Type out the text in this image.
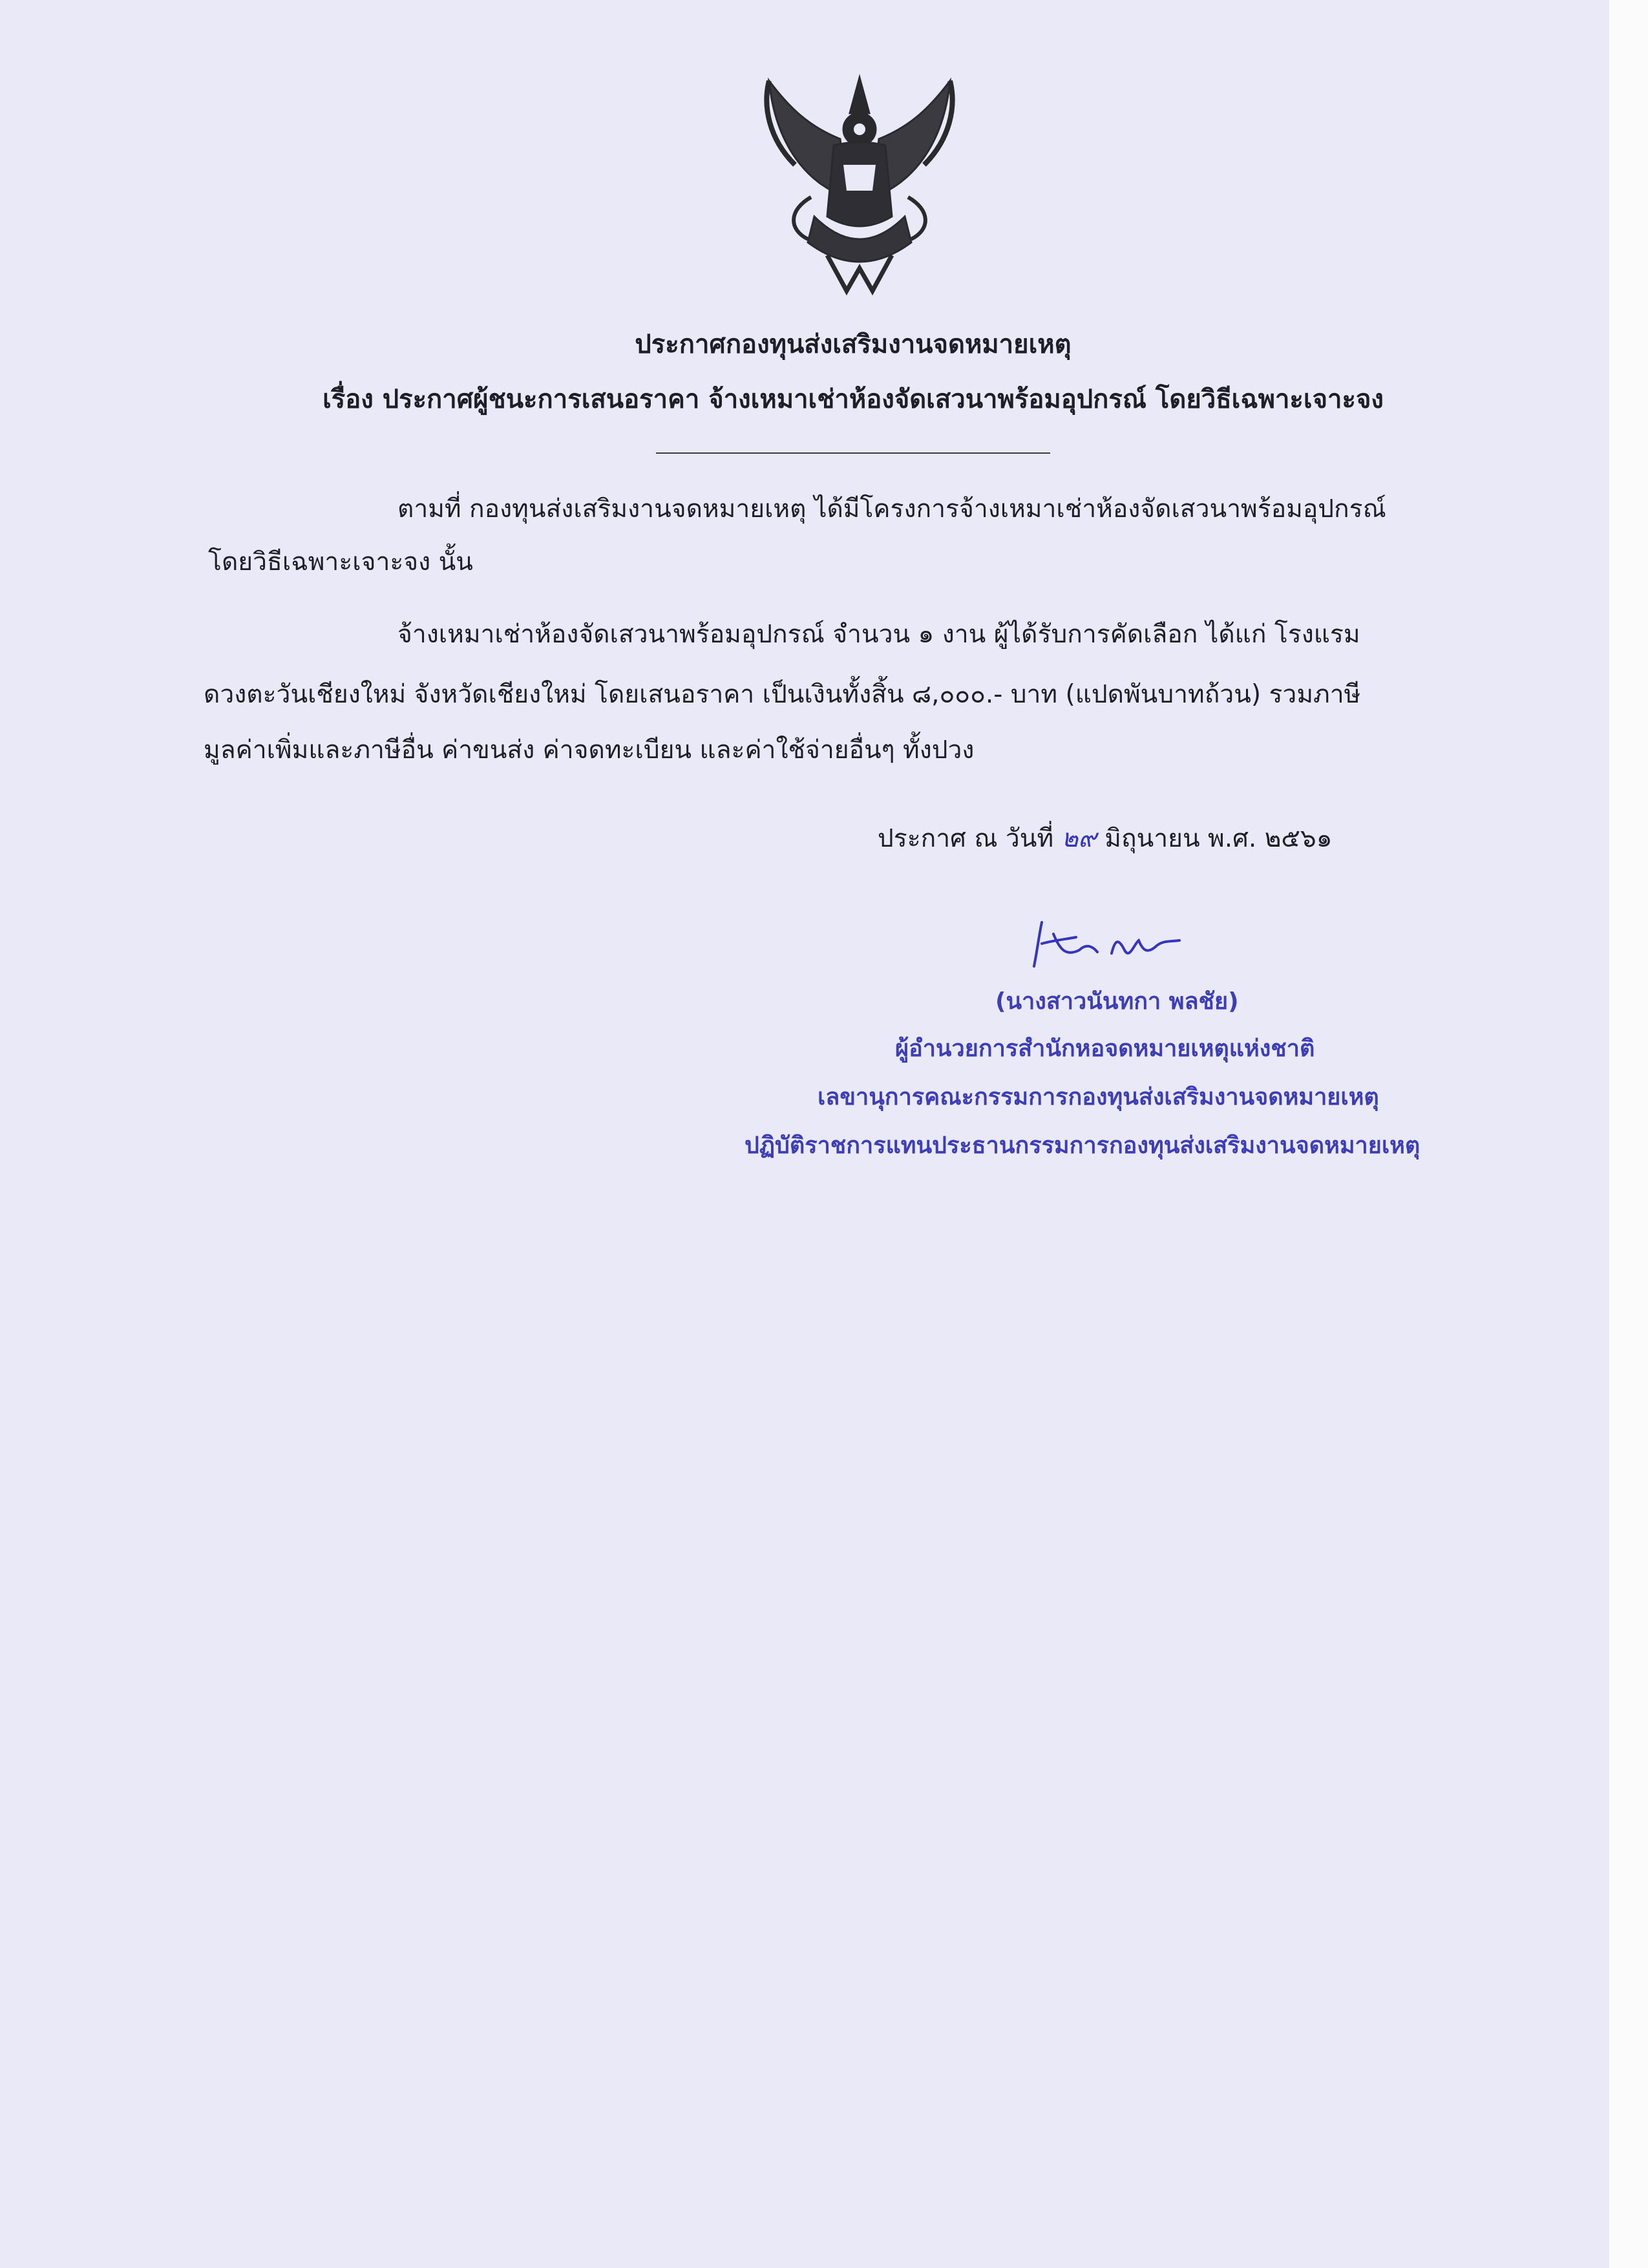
ประกาศกองทุนส่งเสริมงานจดหมายเหตุ
เรื่อง ประกาศผู้ชนะการเสนอราคา จ้างเหมาเช่าห้องจัดเสวนาพร้อมอุปกรณ์ โดยวิธีเฉพาะเจาะจง
ตามที่ กองทุนส่งเสริมงานจดหมายเหตุ ได้มีโครงการจ้างเหมาเช่าห้องจัดเสวนาพร้อมอุปกรณ์
โดยวิธีเฉพาะเจาะจง นั้น
จ้างเหมาเช่าห้องจัดเสวนาพร้อมอุปกรณ์ จำนวน ๑ งาน ผู้ได้รับการคัดเลือก ได้แก่ โรงแรม
ดวงตะวันเชียงใหม่ จังหวัดเชียงใหม่ โดยเสนอราคา เป็นเงินทั้งสิ้น ๘,๐๐๐.- บาท (แปดพันบาทถ้วน) รวมภาษี
มูลค่าเพิ่มและภาษีอื่น ค่าขนส่ง ค่าจดทะเบียน และค่าใช้จ่ายอื่นๆ ทั้งปวง
ประกาศ ณ วันที่ ๒๙ มิถุนายน พ.ศ. ๒๕๖๑
(นางสาวนันทกา พลชัย)
ผู้อำนวยการสำนักหอจดหมายเหตุแห่งชาติ
เลขานุการคณะกรรมการกองทุนส่งเสริมงานจดหมายเหตุ
ปฏิบัติราชการแทนประธานกรรมการกองทุนส่งเสริมงานจดหมายเหตุ
